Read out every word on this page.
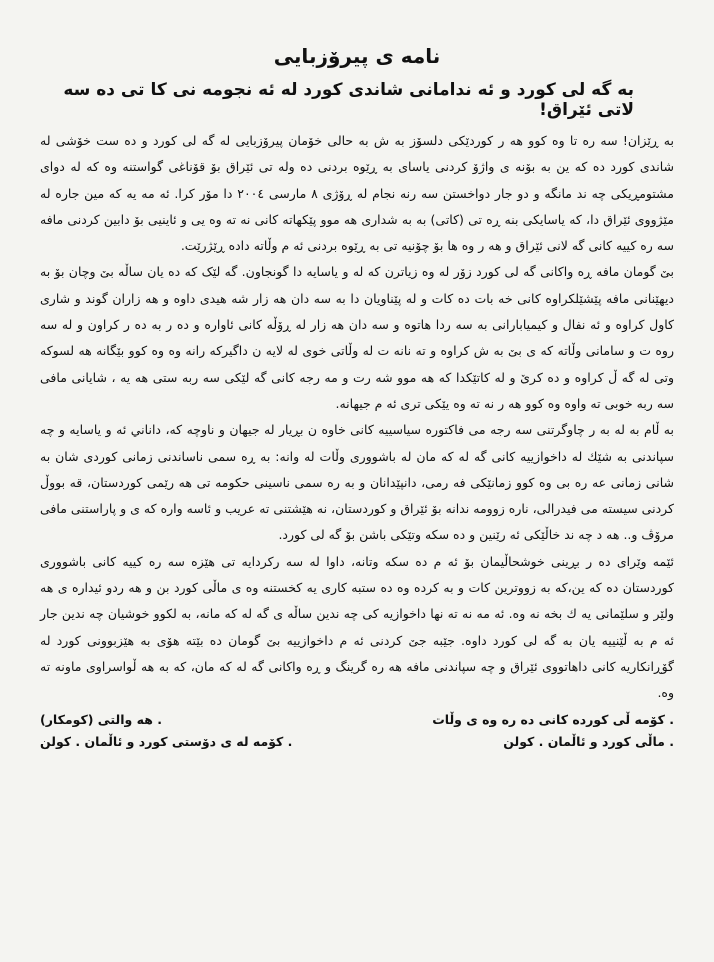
نامه ی پیرۆزبایی
به گه لی کورد و ئه ندامانی شاندی کورد له ئه نجومه نی کا تی ده سه لاتی ئێراق!

به ڕێزان! سه ره تا وه کوو هه ر کوردێکی دلسۆز به ش به حالی خۆمان پیرۆزبایی له گه لی کورد و ده ست خۆشی له شاندی کورد ده که ین به بۆنه ی واژۆ کردنی یاسای به ڕێوه بردنی ده وله تی ئێراق بۆ قۆناغی گواستنه وه که له دوای مشتومڕیکی چه ند مانگه و دو جار دواخستن سه رنه نجام له ڕۆژی ٨ مارسی ٢٠٠٤ دا مۆر کرا. ئه مه یه که مین جاره له مێژووی ئێراق دا، که یاسایکی بنه ڕه تی (کاتی) به به شداری هه موو پێکهاته کانی نه ته وه یی و ئاینیی بۆ دابین کردنی مافه سه ره کییه کانی گه لانی ئێراق و هه ر وه ها بۆ چۆنیه تی به ڕێوه بردنی ئه م وڵاته داده ڕێژرێت.

بێ گومان مافه ڕه واکانی گه لی کورد زۆر له وه زیاترن که له و یاسایه دا گونجاون. گه لێک که ده یان ساڵه بێ وچان بۆ به دیهێنانی مافه پێشێلکراوه کانی خه بات ده کات و له پێناویان دا به سه دان هه زار شه هیدی داوه و هه زاران گوند و شاری کاول کراوه و ئه نفال و کیمیابارانی به سه ردا هاتوه و سه دان هه زار له ڕۆڵه کانی ئاواره و ده ر به ده ر کراون و له سه روه ت و سامانی وڵاته که ی بێ به ش کراوه و ته نانه ت له وڵاتی خوی له لایه ن داگیرکه رانه وه وه کوو بێگانه هه لسوکه وتی له گه ڵ کراوه و ده کرێ و له کاتێکدا که هه موو شه رت و مه رجه کانی گه لێکی سه ربه ستی هه یه ، شایانی مافی سه ربه خوبی ته واوه وه کوو هه ر نه ته وه یێکی تری ئه م جیهانه.

به ڵام به له به ر چاوگرتنی سه رجه می فاکتوره سیاسییه کانی خاوه ن بڕیار له جیهان و ناوچه که، داناني ئه و یاسایه و چه سپاندنی به شێك له داخوازییه کانی گه له که مان له باشووری وڵات له وانه: به ڕه سمی ناساندنی زمانی کوردی شان به شانی زمانی عه ره بی وه کوو زمانێکی فه رمی، دانپێدانان و به ره سمی ناسینی حکومه تی هه رێمی کوردستان، قه بووڵ کردنی سیسته می فیدرالی، ناره زوومه ندانه بۆ ئێراق و کوردستان، نه هێشتنی ته عریب و ئاسه واره که ی و پاراستنی مافی مرۆڤ و.. هه د چه ند خاڵێکی ئه رێنین و ده سکه وتێکی باشن بۆ گه لی کورد.

ئێمه وێرای ده ر بڕینی خوشحاڵیمان بۆ ئه م ده سکه وتانه، داوا له سه رکردایه تی هێزه سه ره کییه کانی باشووری کوردستان ده که ین،که به زووترین کات و به کرده وه ده ستبه کاری یه کخستنه وه ی ماڵی کورد بن و هه ردو ئیداره ی هه ولێر و سلێمانی یه ك بخه نه وه. ئه مه نه ته نها داخوازیه کی چه ندین ساڵه ی گه له که مانه، به لکوو خوشیان چه ندین جار ئه م به ڵێنییه یان به گه لی کورد داوه. جێبه جێ کردنی ئه م داخوازییه بێ گومان ده بێته هۆی به هێزبوونی کورد له گۆڕانکاریه کانی داهاتووی ئێراق و چه سپاندنی مافه هه ره گرینگ و ڕه واکانی گه له که مان، که به هه ڵواسراوی ماونه ته وه.

. کۆمه ڵی کورده کانی ده ره وه ی وڵات
. هه والتی (کومکار)
. ماڵی کورد و ئاڵمان . کولن
. کۆمه له ی دۆستی کورد و ئاڵمان . کولن
